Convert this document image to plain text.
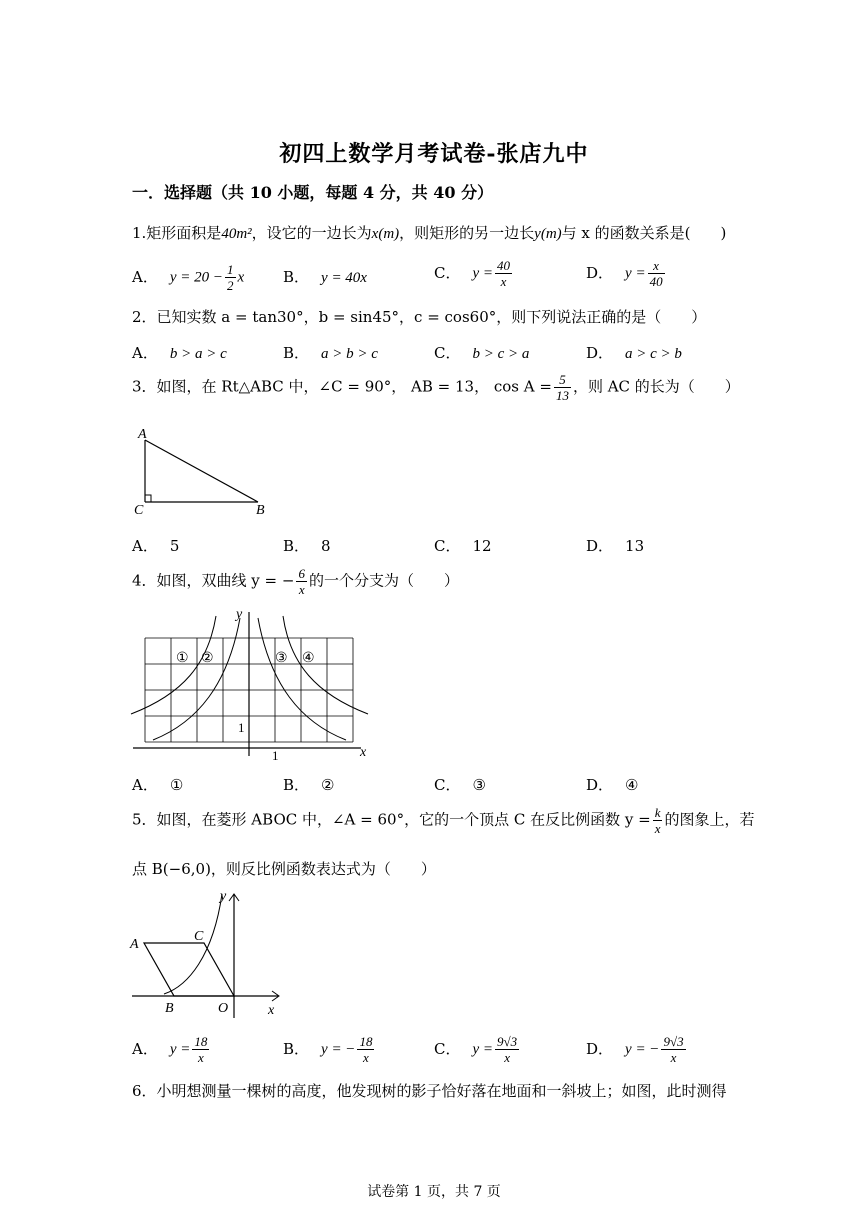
初四上数学月考试卷-张店九中
一．选择题（共 10 小题，每题 4 分，共 40 分）
1.矩形面积是40m²，设它的一边长为x(m)，则矩形的另一边长y(m)与 x 的函数关系是(　　)
A． $y = 20 - \frac{1}{2}$ x	B． y = 40x	C． $y = \frac{40}{x}$	D． $y = \frac{x}{40}$
2．已知实数 a = tan30°，b = sin45°，c = cos60°，则下列说法正确的是（　　）
A． b > a > c	B． a > b > c	C． b > c > a	D． a > c > b
3．如图，在 Rt△ABC 中，∠C = 90°， AB = 13， $\cos A = \frac{5}{13}$ ，则 AC 的长为（　　）
A
C	B
A． 5	B． 8	C． 12	D． 13
4．如图，双曲线 y = − $\frac{6}{x}$ 的一个分支为（　　）
① ②	③ ④
y
x
1
1
A． ①	B． ②	C． ③	D． ④
5．如图，在菱形 ABOC 中，∠A = 60°，它的一个顶点 C 在反比例函数 $y = \frac{k}{x}$ 的图象上，若
点 B(−6,0)，则反比例函数表达式为（　　）
A
C
B	O	x
y
A． $y = \frac{18}{x}$	B． y = − $\frac{18}{x}$	C． $y = \frac{9√3}{x}$	D． y = − $\frac{9√3}{x}$
6．小明想测量一棵树的高度，他发现树的影子恰好落在地面和一斜坡上；如图，此时测得
试卷第 1 页，共 7 页
